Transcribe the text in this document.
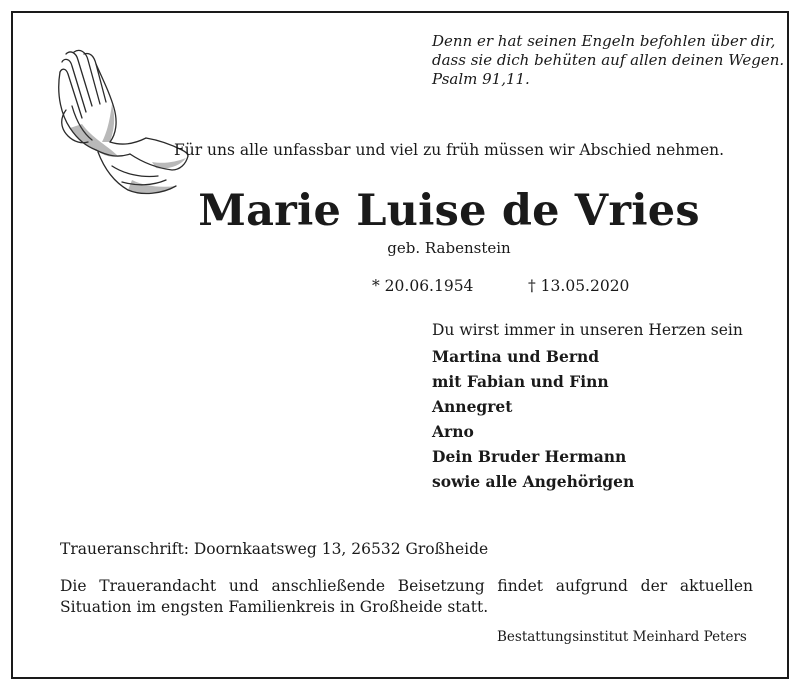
Denn er hat seinen Engeln befohlen über dir,
dass sie dich behüten auf allen deinen Wegen.
Psalm 91,11.

Für uns alle unfassbar und viel zu früh müssen wir Abschied nehmen.

Marie Luise de Vries

geb. Rabenstein

* 20.06.1954	† 13.05.2020

Du wirst immer in unseren Herzen sein

Martina und Bernd
mit Fabian und Finn
Annegret
Arno
Dein Bruder Hermann
sowie alle Angehörigen

Traueranschrift: Doornkaatsweg 13, 26532 Großheide

Die Trauerandacht und anschließende Beisetzung findet aufgrund der aktuellen
Situation im engsten Familienkreis in Großheide statt.

Bestattungsinstitut Meinhard Peters
